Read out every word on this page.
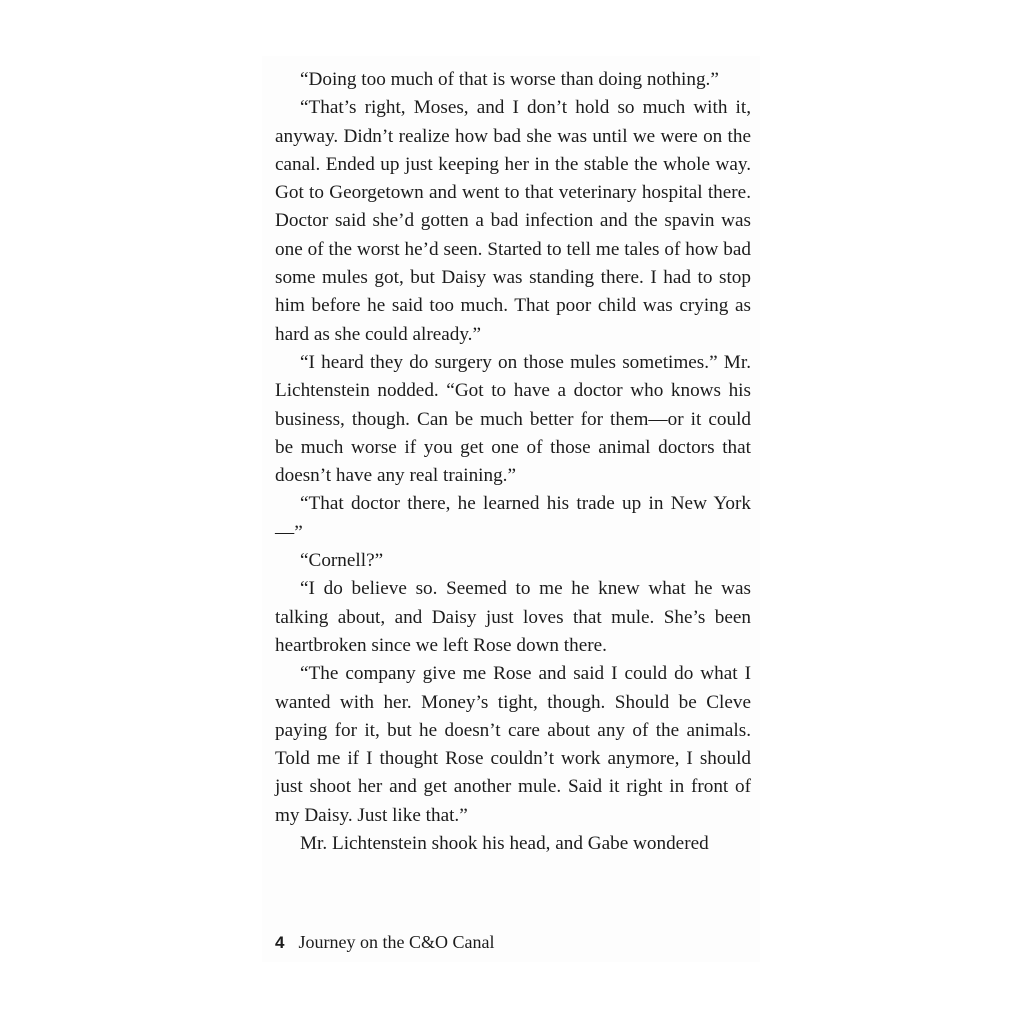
“Doing too much of that is worse than doing nothing.”

“That’s right, Moses, and I don’t hold so much with it, anyway. Didn’t realize how bad she was until we were on the canal. Ended up just keeping her in the stable the whole way. Got to Georgetown and went to that veterinary hospital there. Doctor said she’d gotten a bad infection and the spavin was one of the worst he’d seen. Started to tell me tales of how bad some mules got, but Daisy was standing there. I had to stop him before he said too much. That poor child was crying as hard as she could already.”

“I heard they do surgery on those mules sometimes.” Mr. Lichtenstein nodded. “Got to have a doctor who knows his business, though. Can be much better for them—or it could be much worse if you get one of those animal doctors that doesn’t have any real training.”

“That doctor there, he learned his trade up in New York—”

“Cornell?”

“I do believe so. Seemed to me he knew what he was talking about, and Daisy just loves that mule. She’s been heartbroken since we left Rose down there.

“The company give me Rose and said I could do what I wanted with her. Money’s tight, though. Should be Cleve paying for it, but he doesn’t care about any of the animals. Told me if I thought Rose couldn’t work anymore, I should just shoot her and get another mule. Said it right in front of my Daisy. Just like that.”

Mr. Lichtenstein shook his head, and Gabe wondered

4 Journey on the C&O Canal
